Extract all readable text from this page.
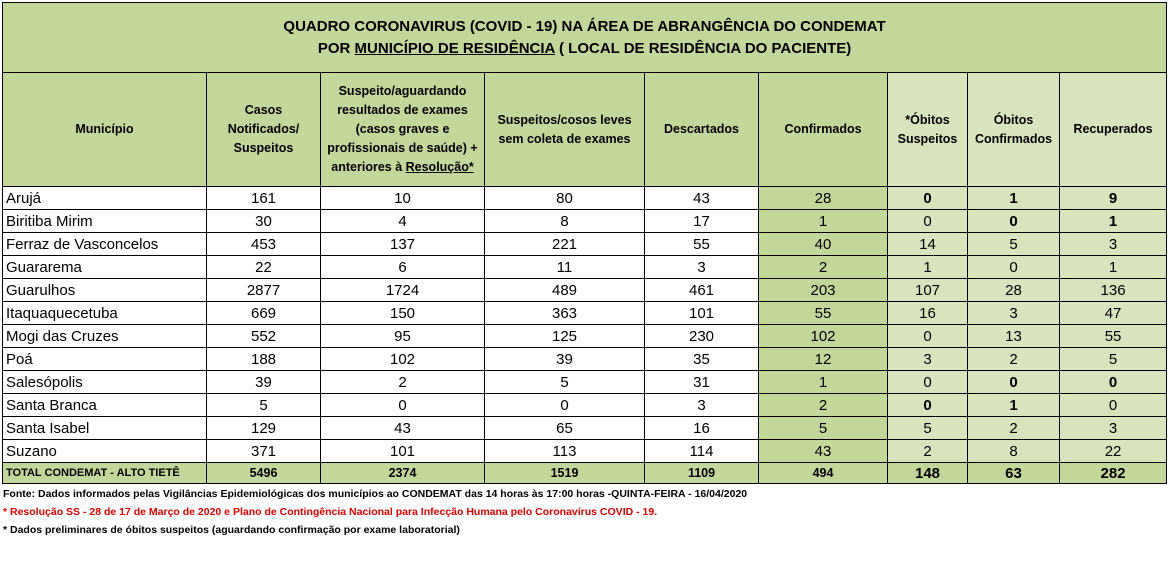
QUADRO CORONAVIRUS (COVID - 19) NA ÁREA DE ABRANGÊNCIA DO CONDEMAT
POR MUNICÍPIO DE RESIDÊNCIA ( LOCAL DE RESIDÊNCIA DO PACIENTE)								

Município	Casos Notificados/ Suspeitos	Suspeito/aguardando resultados de exames (casos graves e profissionais de saúde) + anteriores à Resolução*	Suspeitos/cosos leves sem coleta de exames	Descartados	Confirmados	*Óbitos Suspeitos	Óbitos Confirmados	Recuperados
Arujá	161	10	80	43	28	0	1	9
Biritiba Mirim	30	4	8	17	1	0	0	1
Ferraz de Vasconcelos	453	137	221	55	40	14	5	3
Guararema	22	6	11	3	2	1	0	1
Guarulhos	2877	1724	489	461	203	107	28	136
Itaquaquecetuba	669	150	363	101	55	16	3	47
Mogi das Cruzes	552	95	125	230	102	0	13	55
Poá	188	102	39	35	12	3	2	5
Salesópolis	39	2	5	31	1	0	0	0
Santa Branca	5	0	0	3	2	0	1	0
Santa Isabel	129	43	65	16	5	5	2	3
Suzano	371	101	113	114	43	2	8	22
TOTAL CONDEMAT - ALTO TIETÊ	5496	2374	1519	1109	494	148	63	282
Fonte: Dados informados pelas Vigilâncias Epidemiológicas dos municípios ao CONDEMAT das 14 horas às 17:00 horas -QUINTA-FEIRA - 16/04/2020
* Resolução SS - 28 de 17 de Março de 2020 e Plano de Contingência Nacional para Infecção Humana pelo Coronavírus COVID - 19.
* Dados preliminares de óbitos suspeitos (aguardando confirmação por exame laboratorial)
